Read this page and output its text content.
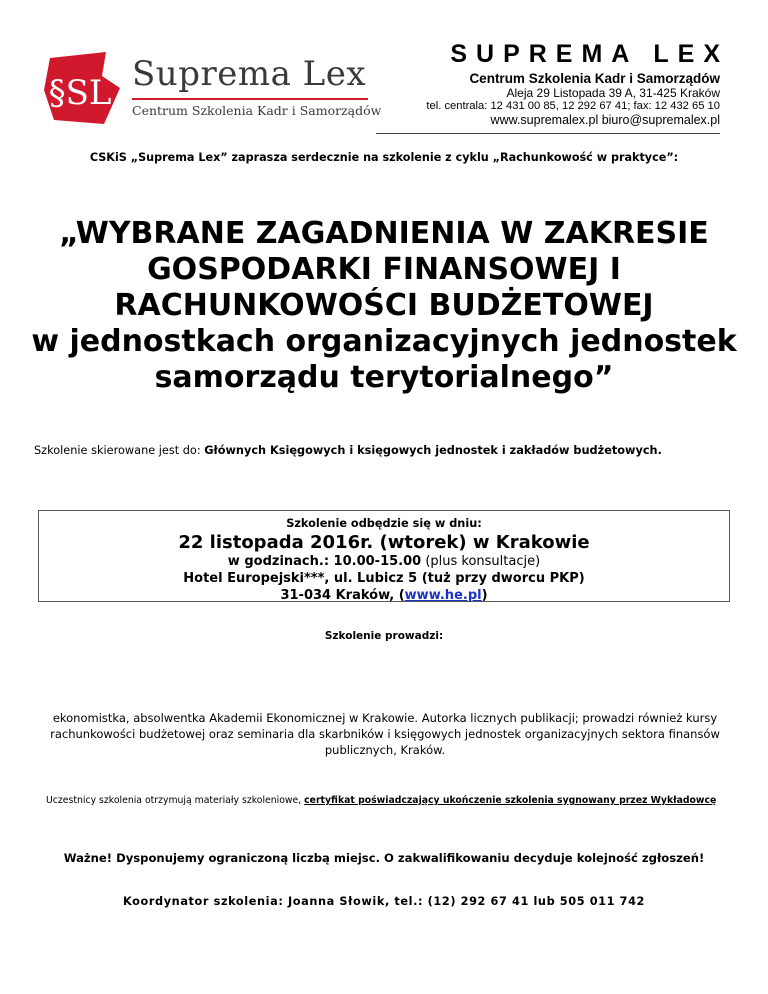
§SL Suprema Lex
Centrum Szkolenia Kadr i Samorządów
SUPREMA LEX
Centrum Szkolenia Kadr i Samorządów
Aleja 29 Listopada 39 A, 31-425 Kraków
tel. centrala: 12 431 00 85, 12 292 67 41; fax: 12 432 65 10
www.supremalex.pl biuro@supremalex.pl
CSKiS „Suprema Lex” zaprasza serdecznie na szkolenie z cyklu „Rachunkowość w praktyce”:
„WYBRANE ZAGADNIENIA W ZAKRESIE
GOSPODARKI FINANSOWEJ I
RACHUNKOWOŚCI BUDŻETOWEJ
w jednostkach organizacyjnych jednostek
samorządu terytorialnego”
Szkolenie skierowane jest do: Głównych Księgowych i księgowych jednostek i zakładów budżetowych.
Szkolenie odbędzie się w dniu:
22 listopada 2016r. (wtorek) w Krakowie
w godzinach.: 10.00-15.00 (plus konsultacje)
Hotel Europejski***, ul. Lubicz 5 (tuż przy dworcu PKP)
31-034 Kraków, (www.he.pl)
Szkolenie prowadzi:
ekonomistka, absolwentka Akademii Ekonomicznej w Krakowie. Autorka licznych publikacji; prowadzi również kursy rachunkowości budżetowej oraz seminaria dla skarbników i księgowych jednostek organizacyjnych sektora finansów publicznych, Kraków.
Uczestnicy szkolenia otrzymują materiały szkoleniowe, certyfikat poświadczający ukończenie szkolenia sygnowany przez Wykładowcę
Ważne! Dysponujemy ograniczoną liczbą miejsc. O zakwalifikowaniu decyduje kolejność zgłoszeń!
Koordynator szkolenia: Joanna Słowik, tel.: (12) 292 67 41 lub 505 011 742
